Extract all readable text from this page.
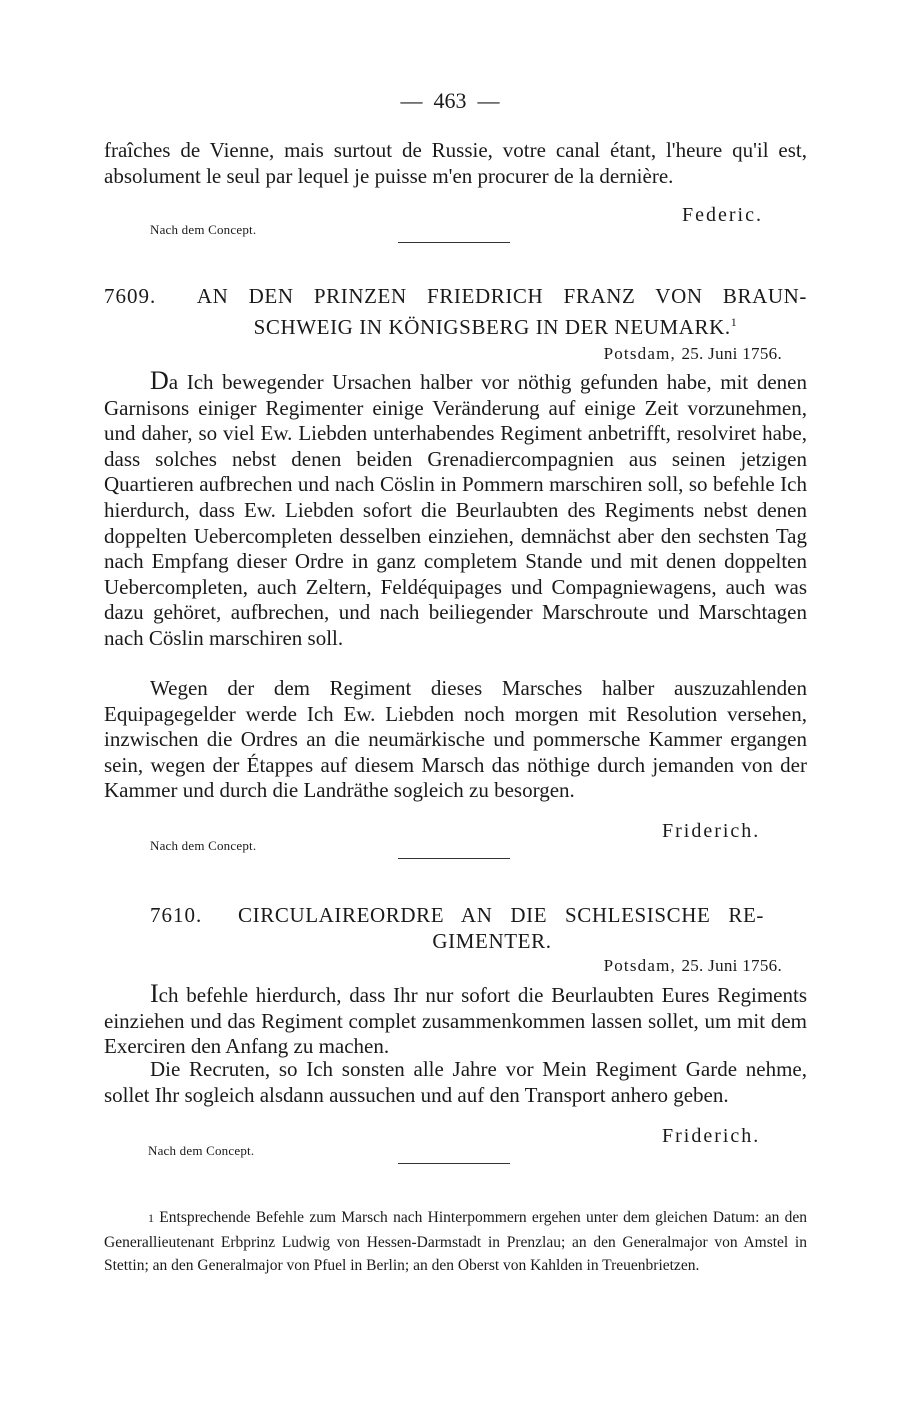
— 463 —
fraîches de Vienne, mais surtout de Russie, votre canal étant, l'heure qu'il est, absolument le seul par lequel je puisse m'en procurer de la dernière.
Federic.
Nach dem Concept.
7609. AN DEN PRINZEN FRIEDRICH FRANZ VON BRAUN-
SCHWEIG IN KÖNIGSBERG IN DER NEUMARK.$^1$
Potsdam, 25. Juni 1756.
Da Ich bewegender Ursachen halber vor nöthig gefunden habe, mit denen Garnisons einiger Regimenter einige Veränderung auf einige Zeit vorzunehmen, und daher, so viel Ew. Liebden unterhabendes Regiment anbetrifft, resolviret habe, dass solches nebst denen beiden Grenadiercompagnien aus seinen jetzigen Quartieren aufbrechen und nach Cöslin in Pommern marschiren soll, so befehle Ich hierdurch, dass Ew. Liebden sofort die Beurlaubten des Regiments nebst denen doppelten Uebercompleten desselben einziehen, demnächst aber den sechsten Tag nach Empfang dieser Ordre in ganz completem Stande und mit denen doppelten Uebercompleten, auch Zeltern, Feldéquipages und Compagniewagens, auch was dazu gehöret, aufbrechen, und nach beiliegender Marschroute und Marschtagen nach Cöslin marschiren soll.
Wegen der dem Regiment dieses Marsches halber auszuzahlenden Equipagegelder werde Ich Ew. Liebden noch morgen mit Resolution versehen, inzwischen die Ordres an die neumärkische und pommersche Kammer ergangen sein, wegen der Étappes auf diesem Marsch das nöthige durch jemanden von der Kammer und durch die Landräthe sogleich zu besorgen.
Friderich.
Nach dem Concept.
7610. CIRCULAIREORDRE AN DIE SCHLESISCHE RE-
GIMENTER.
Potsdam, 25. Juni 1756.
Ich befehle hierdurch, dass Ihr nur sofort die Beurlaubten Eures Regiments einziehen und das Regiment complet zusammenkommen lassen sollet, um mit dem Exerciren den Anfang zu machen.
Die Recruten, so Ich sonsten alle Jahre vor Mein Regiment Garde nehme, sollet Ihr sogleich alsdann aussuchen und auf den Transport anhero geben.
Friderich.
Nach dem Concept.
1 Entsprechende Befehle zum Marsch nach Hinterpommern ergehen unter dem gleichen Datum: an den Generallieutenant Erbprinz Ludwig von Hessen-Darmstadt in Prenzlau; an den Generalmajor von Amstel in Stettin; an den Generalmajor von Pfuel in Berlin; an den Oberst von Kahlden in Treuenbrietzen.
